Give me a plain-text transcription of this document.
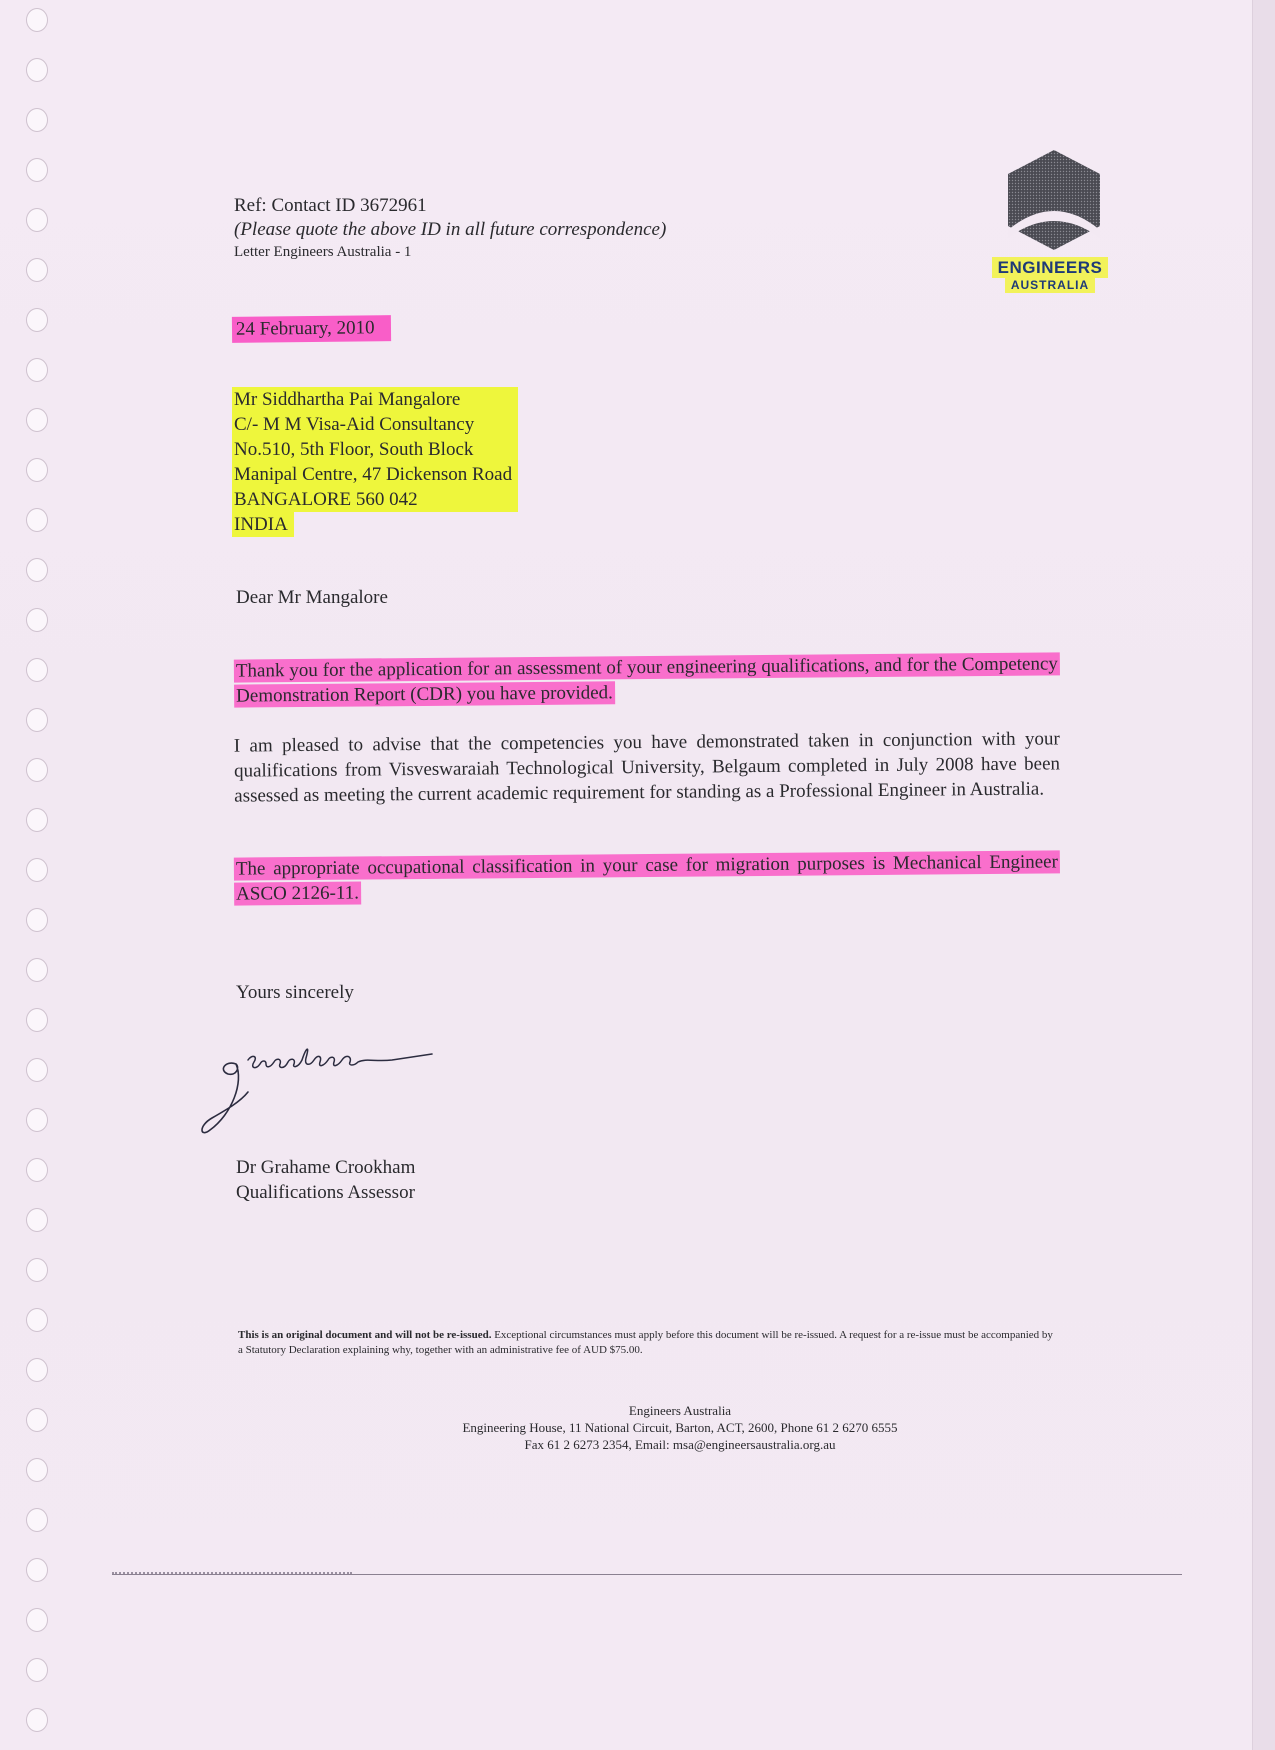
Ref: Contact ID 3672961
(Please quote the above ID in all future correspondence)
Letter Engineers Australia - 1
ENGINEERS
AUSTRALIA
24 February, 2010
Mr Siddhartha Pai Mangalore
C/- M M Visa-Aid Consultancy
No.510, 5th Floor, South Block
Manipal Centre, 47 Dickenson Road
BANGALORE 560 042
INDIA
Dear Mr Mangalore
Thank you for the application for an assessment of your engineering qualifications, and for the Competency Demonstration Report (CDR) you have provided.
I am pleased to advise that the competencies you have demonstrated taken in conjunction with your qualifications from Visveswaraiah Technological University, Belgaum completed in July 2008 have been assessed as meeting the current academic requirement for standing as a Professional Engineer in Australia.
The appropriate occupational classification in your case for migration purposes is Mechanical Engineer ASCO 2126-11.
Yours sincerely
Dr Grahame Crookham
Qualifications Assessor
This is an original document and will not be re-issued. Exceptional circumstances must apply before this document will be re-issued. A request for a re-issue must be accompanied by a Statutory Declaration explaining why, together with an administrative fee of AUD $75.00.
Engineers Australia
Engineering House, 11 National Circuit, Barton, ACT, 2600, Phone 61 2 6270 6555
Fax 61 2 6273 2354, Email: msa@engineersaustralia.org.au
